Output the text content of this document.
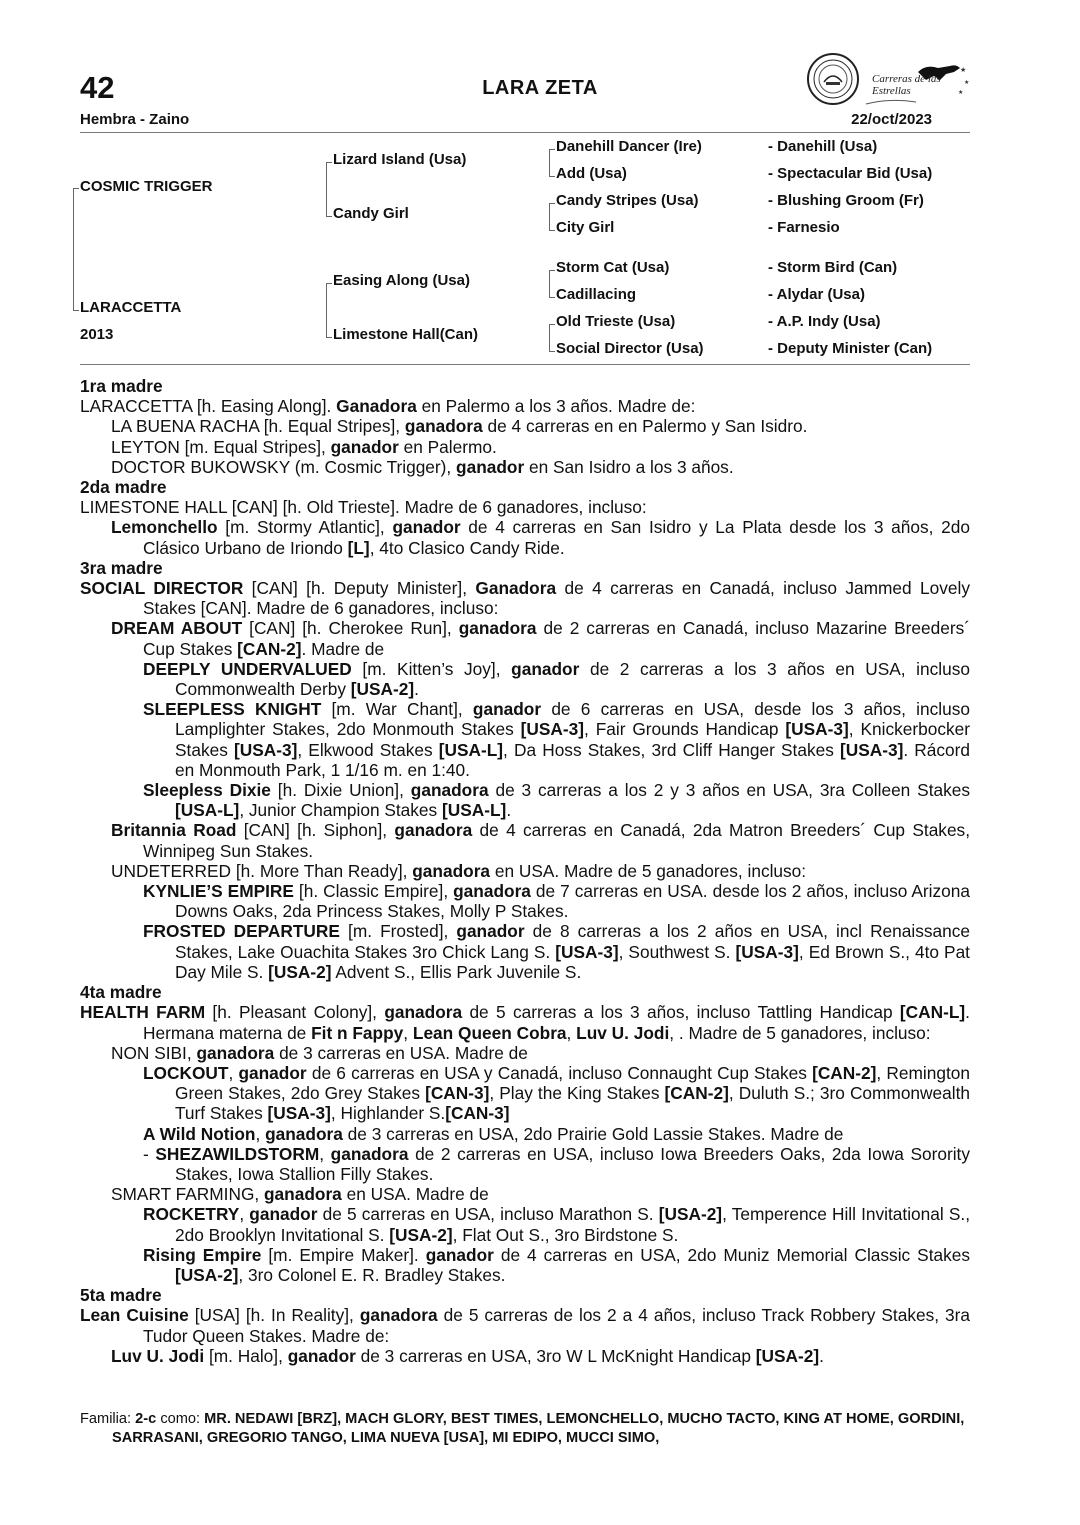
42	LARA ZETA
Hembra - Zaino	22/oct/2023
★
★
★
Carreras de las Estrellas
COSMIC TRIGGER
LARACCETTA
2013
Lizard Island (Usa)
Candy Girl
Easing Along (Usa)
Limestone Hall(Can)
Danehill Dancer (Ire)
Add (Usa)
Candy Stripes (Usa)
City Girl
Storm Cat (Usa)
Cadillacing
Old Trieste (Usa)
Social Director (Usa)
- Danehill (Usa)
- Spectacular Bid (Usa)
- Blushing Groom (Fr)
- Farnesio
- Storm Bird (Can)
- Alydar (Usa)
- A.P. Indy (Usa)
- Deputy Minister (Can)

1ra madre

LARACCETTA [h. Easing Along]. Ganadora en Palermo a los 3 años. Madre de:

LA BUENA RACHA [h. Equal Stripes], ganadora de 4 carreras en en Palermo y San Isidro.

LEYTON [m. Equal Stripes], ganador en Palermo.

DOCTOR BUKOWSKY (m. Cosmic Trigger), ganador en San Isidro a los 3 años.

2da madre

LIMESTONE HALL [CAN] [h. Old Trieste]. Madre de 6 ganadores, incluso:

Lemonchello [m. Stormy Atlantic], ganador de 4 carreras en San Isidro y La Plata desde los 3 años, 2do Clásico Urbano de Iriondo [L], 4to Clasico Candy Ride.

3ra madre

SOCIAL DIRECTOR [CAN] [h. Deputy Minister], Ganadora de 4 carreras en Canadá, incluso Jammed Lovely Stakes [CAN]. Madre de 6 ganadores, incluso:

DREAM ABOUT [CAN] [h. Cherokee Run], ganadora de 2 carreras en Canadá, incluso Mazarine Breeders´ Cup Stakes [CAN-2]. Madre de

DEEPLY UNDERVALUED [m. Kitten’s Joy], ganador de 2 carreras a los 3 años en USA, incluso Commonwealth Derby [USA-2].

SLEEPLESS KNIGHT [m. War Chant], ganador de 6 carreras en USA, desde los 3 años, incluso Lamplighter Stakes, 2do Monmouth Stakes [USA-3], Fair Grounds Handicap [USA-3], Knickerbocker Stakes [USA-3], Elkwood Stakes [USA-L], Da Hoss Stakes, 3rd Cliff Hanger Stakes [USA-3]. Rácord en Monmouth Park, 1 1/16 m. en 1:40.

Sleepless Dixie [h. Dixie Union], ganadora de 3 carreras a los 2 y 3 años en USA, 3ra Colleen Stakes [USA-L], Junior Champion Stakes [USA-L].

Britannia Road [CAN] [h. Siphon], ganadora de 4 carreras en Canadá, 2da Matron Breeders´ Cup Stakes, Winnipeg Sun Stakes.

UNDETERRED [h. More Than Ready], ganadora en USA. Madre de 5 ganadores, incluso:

KYNLIE’S EMPIRE [h. Classic Empire], ganadora de 7 carreras en USA. desde los 2 años, incluso Arizona Downs Oaks, 2da Princess Stakes, Molly P Stakes.

FROSTED DEPARTURE [m. Frosted], ganador de 8 carreras a los 2 años en USA, incl Renaissance Stakes, Lake Ouachita Stakes 3ro Chick Lang S. [USA-3], Southwest S. [USA-3], Ed Brown S., 4to Pat Day Mile S. [USA-2] Advent S., Ellis Park Juvenile S.

4ta madre

HEALTH FARM [h. Pleasant Colony], ganadora de 5 carreras a los 3 años, incluso Tattling Handicap [CAN-L]. Hermana materna de Fit n Fappy, Lean Queen Cobra, Luv U. Jodi, . Madre de 5 ganadores, incluso:

NON SIBI, ganadora de 3 carreras en USA. Madre de

LOCKOUT, ganador de 6 carreras en USA y Canadá, incluso Connaught Cup Stakes [CAN-2], Remington Green Stakes, 2do Grey Stakes [CAN-3], Play the King Stakes [CAN-2], Duluth S.; 3ro Commonwealth Turf Stakes [USA-3], Highlander S.[CAN-3]

A Wild Notion, ganadora de 3 carreras en USA, 2do Prairie Gold Lassie Stakes. Madre de

- SHEZAWILDSTORM, ganadora de 2 carreras en USA, incluso Iowa Breeders Oaks, 2da Iowa Sorority Stakes, Iowa Stallion Filly Stakes.

SMART FARMING, ganadora en USA. Madre de

ROCKETRY, ganador de 5 carreras en USA, incluso Marathon S. [USA-2], Temperence Hill Invitational S., 2do Brooklyn Invitational S. [USA-2], Flat Out S., 3ro Birdstone S.

Rising Empire [m. Empire Maker]. ganador de 4 carreras en USA, 2do Muniz Memorial Classic Stakes [USA-2], 3ro Colonel E. R. Bradley Stakes.

5ta madre

Lean Cuisine [USA] [h. In Reality], ganadora de 5 carreras de los 2 a 4 años, incluso Track Robbery Stakes, 3ra Tudor Queen Stakes. Madre de:

Luv U. Jodi [m. Halo], ganador de 3 carreras en USA, 3ro W L McKnight Handicap [USA-2].

Familia: 2-c como: MR. NEDAWI [BRZ], MACH GLORY, BEST TIMES, LEMONCHELLO, MUCHO TACTO, KING AT HOME, GORDINI, SARRASANI, GREGORIO TANGO, LIMA NUEVA [USA], MI EDIPO, MUCCI SIMO,
